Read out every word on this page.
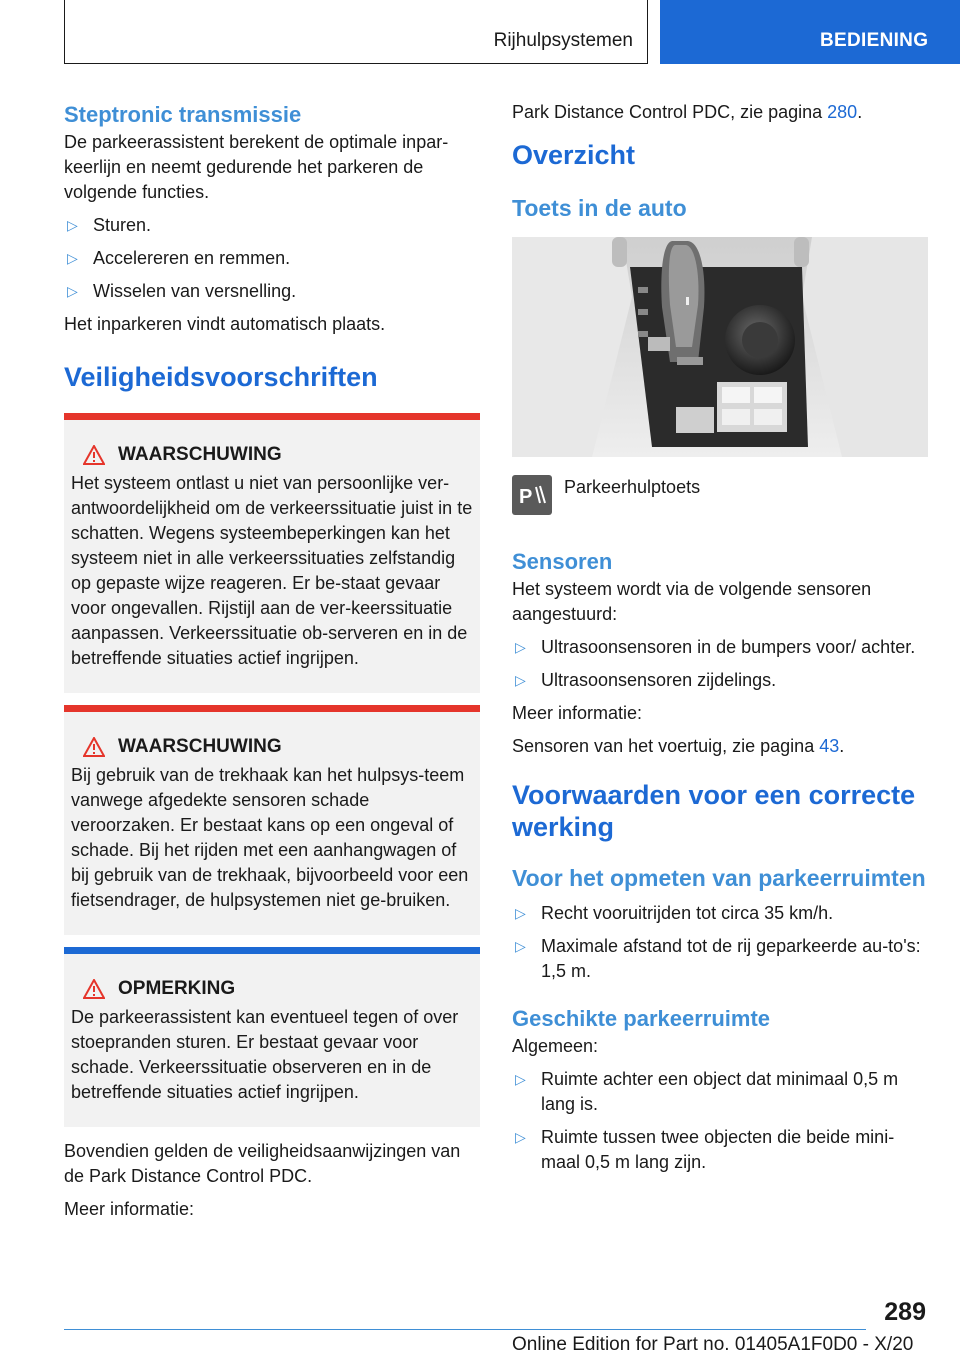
Rijhulpsystemen	BEDIENING
Steptronic transmissie

De parkeerassistent berekent de optimale inpar-keerlijn en neemt gedurende het parkeren de volgende functies.

▷ Sturen.
▷ Accelereren en remmen.
▷ Wisselen van versnelling.

Het inparkeren vindt automatisch plaats.

Veiligheidsvoorschriften
WAARSCHUWING

Het systeem ontlast u niet van persoonlijke ver-antwoordelijkheid om de verkeerssituatie juist in te schatten. Wegens systeembeperkingen kan het systeem niet in alle verkeerssituaties zelfstandig op gepaste wijze reageren. Er be-staat gevaar voor ongevallen. Rijstijl aan de ver-keerssituatie aanpassen. Verkeerssituatie ob-serveren en in de betreffende situaties actief ingrijpen.

WAARSCHUWING

Bij gebruik van de trekhaak kan het hulpsys-teem vanwege afgedekte sensoren schade veroorzaken. Er bestaat kans op een ongeval of schade. Bij het rijden met een aanhangwagen of bij gebruik van de trekhaak, bijvoorbeeld voor een fietsendrager, de hulpsystemen niet ge-bruiken.

OPMERKING

De parkeerassistent kan eventueel tegen of over stoepranden sturen. Er bestaat gevaar voor schade. Verkeerssituatie observeren en in de betreffende situaties actief ingrijpen.

Bovendien gelden de veiligheidsaanwijzingen van de Park Distance Control PDC.

Meer informatie:

Park Distance Control PDC, zie pagina 280.

Overzicht
Toets in de auto
P Parkeerhulptoets
Sensoren

Het systeem wordt via de volgende sensoren aangestuurd:

▷ Ultrasoonsensoren in de bumpers voor/ achter.
▷ Ultrasoonsensoren zijdelings.

Meer informatie:

Sensoren van het voertuig, zie pagina 43.

Voorwaarden voor een correcte werking
Voor het opmeten van parkeerruimten
▷ Recht vooruitrijden tot circa 35 km/h.
▷ Maximale afstand tot de rij geparkeerde au-to's: 1,5 m.
Geschikte parkeerruimte

Algemeen:

▷ Ruimte achter een object dat minimaal 0,5 m lang is.
▷ Ruimte tussen twee objecten die beide mini-maal 0,5 m lang zijn.
289
Online Edition for Part no. 01405A1F0D0 - X/20
